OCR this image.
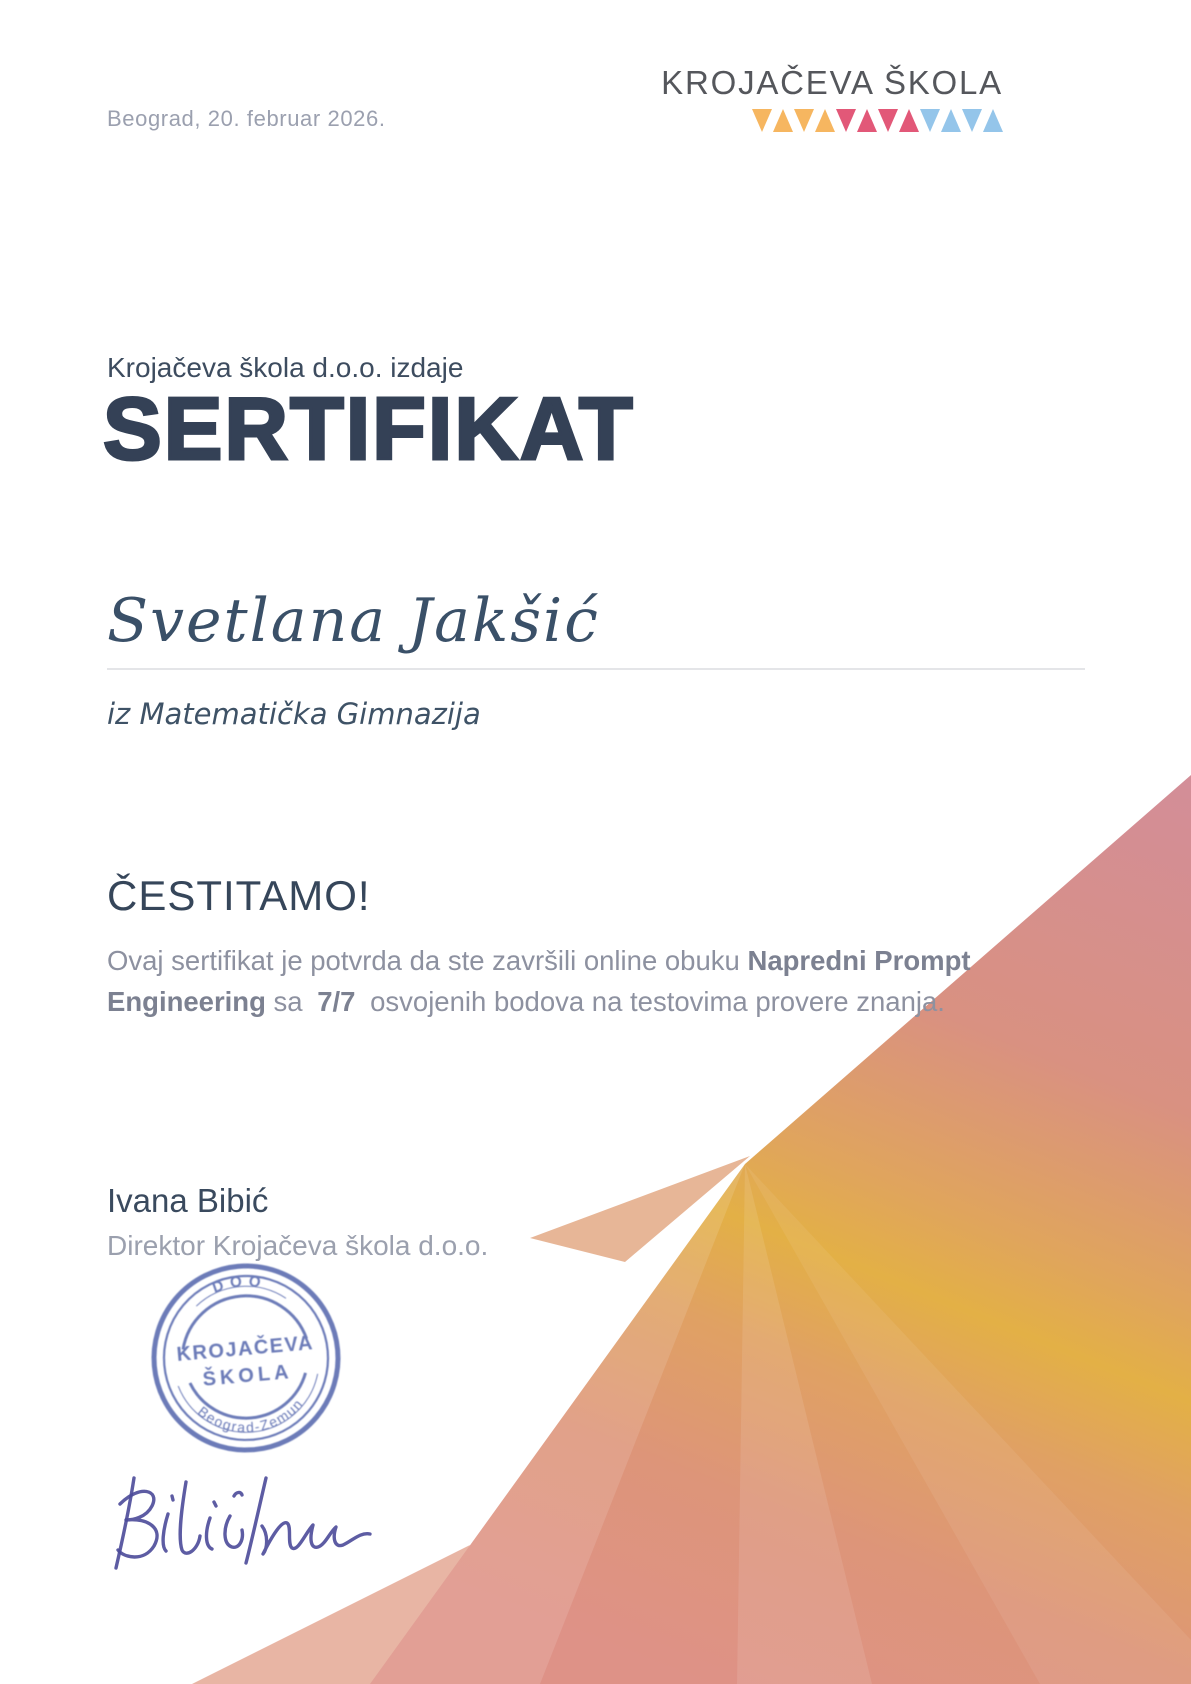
Beograd, 20. februar 2026.
KROJAČEVA ŠKOLA
Krojačeva škola d.o.o. izdaje
SERTIFIKAT
Svetlana Jakšić
iz Matematička Gimnazija
ČESTITAMO!

Ovaj sertifikat je potvrda da ste završili online obuku Napredni Prompt Engineering sa 7/7 osvojenih bodova na testovima provere znanja.

Ivana Bibić
Direktor Krojačeva škola d.o.o.
DOO
KROJAČEVA
ŠKOLA
Beograd-Zemun
